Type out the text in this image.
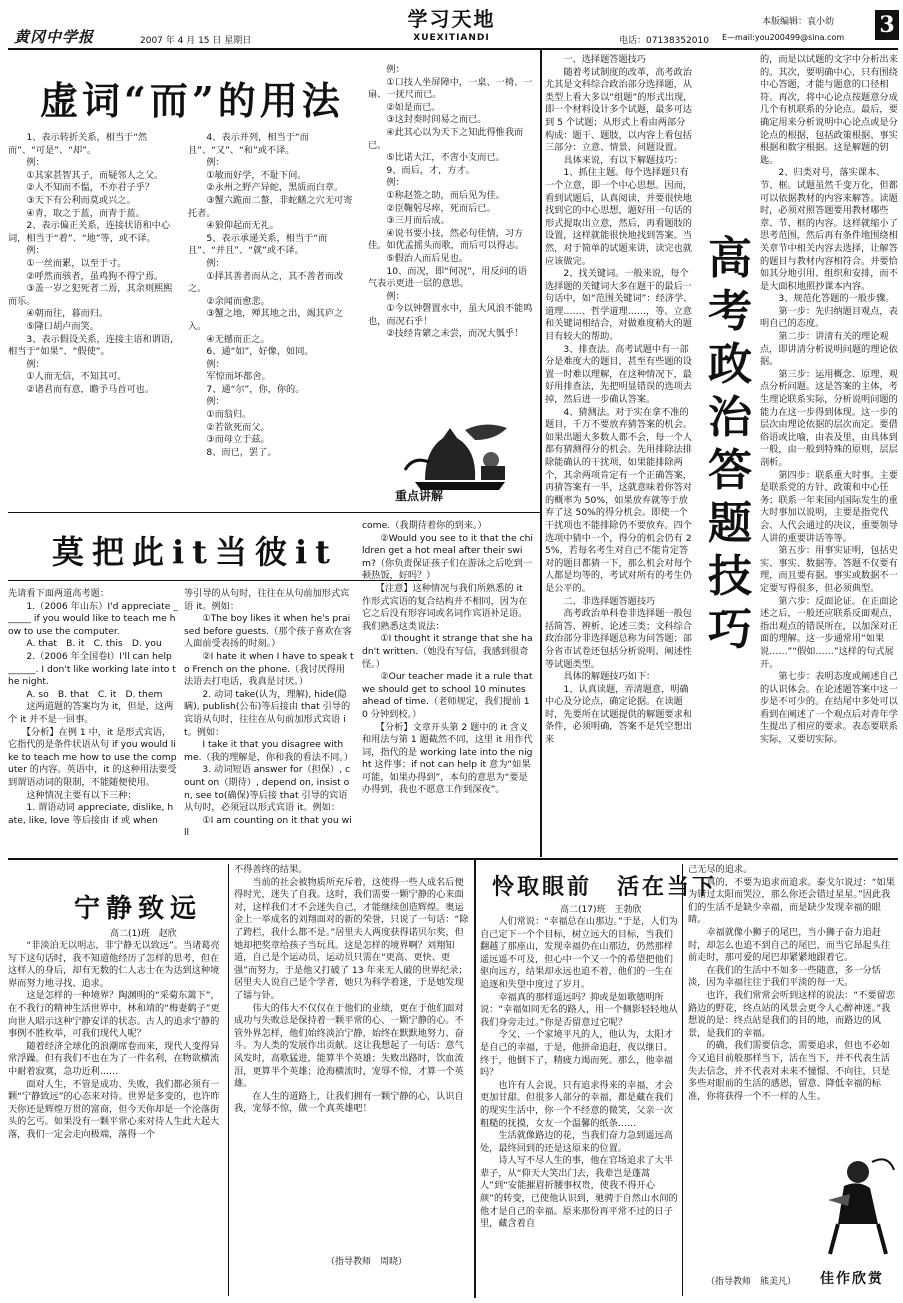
黄冈中学报	2007 年 4 月 15 日 星期日
学习天地
XUEXITIANDI
本版编辑：袁小幼
电话：07138352010 E—mail:you200499@sina.com 3
虚词“而”的用法
　　1、表示转折关系，相当于“然而”、“可是”、“却”。
　　例：
　　①其家甚智其子，而疑邻人之父。
　　②人不知而不愠，不亦君子乎？
　　③天下有公利而莫或兴之。
　　④青，取之于蓝，而青于蓝。
　　2、表示偏正关系，连接状语和中心词，相当于“着”、“地”等，或不译。
　　例：
　　①一丝而累，以至于寸。
　　②呼然而骇者，虽鸡狗不得宁焉。
　　③盖一岁之犯死者二焉，其余则熙熙而乐。
　　④朝而往，暮而归。
　　⑤隆口胡卢而笑。
　　3、表示假设关系，连接主语和谓语，相当于“如果”、“假使”。
　　例：
　　①人而无信，不知其可。
　　②诸君而有意，瞻予马首可也。
　　4、表示并列，相当于“而且”、“又”、“和”或不译。
　　例：
　　①敏而好学，不耻下问。
　　②永州之野产异蛇，黑质而白章。
　　③蟹六跪而二螯，非蛇鳝之穴无可寄托者。
　　④狼仰起而无礼。
　　5、表示承递关系，相当于“而且”、“并且”、“就”或不译。
　　例：
　　①择其善者而从之，其不善者而改之。
　　②余闻而愈悲。
　　③蟹之地，殚其地之出，竭其庐之入。
　　④无撼而正之。
　　6、通“如”，好像，如同。
　　例：
　　军惊而坏都舍。
　　7、通“尔”，你，你的。
　　例：
　　①而翁归。
　　②若欲死而父。
　　③而母立于兹。
　　8、而已，罢了。
　　例：
　　①口技人坐屏障中，一桌、一椅、一扇、一抚尺而已。
　　②如是而已。
　　③这封奏时间易之而已。
　　④此其心以为天下之知此得惟我而已。
　　⑤比诺大江，不啻小支而已。
　　9、而后，才，方才。
　　例：
　　①称赵签之助，而后见为佳。
　　②臣鞠躬尽瘁，死而后已。
　　③三月而后成。
　　④说书要小技，然必句佳情，习方佳。如优孟摇头而歌，而后可以得志。
　　⑤假治人而后见也。
　　10、而况，即“何况”，用反问的语气表示更进一层的意思。
　　例：
　　①今以钟磬置水中，虽大风浪不能鸣也，而况石乎！
　　②技经肯綮之未尝，而况大瓠乎！
重点讲解
莫把此it当彼it
先请看下面两道高考题：
　　1.（2006 年山东）I'd appreciate ______ if you would like to teach me how to use the computer.
　　A. that　B. it　C. this　D. you
　　2.（2006 年全国卷Ⅰ）I'll can help ______. I don't like working late into the night.
　　A. so　B. that　C. it　D. them
　　这两道题的答案均为 it，但是，这两个 it 并不是一回事。
　　【分析】在例 1 中，it 是形式宾语，它指代的是条件状语从句 if you would like to teach me how to use the computer 的内容。英语中，it 的这种用法要受到谓语动词的限制，不能随便使用。
　　这种情况主要有以下三种：
　　1. 谓语动词 appreciate, dislike, hate, like, love 等后接由 if 或 when
等引导的从句时，往往在从句前加形式宾语 it。例如：
　　①The boy likes it when he's praised before guests.（那个孩子喜欢在客人面前受表扬的时刻。）
　　②I hate it when I have to speak to French on the phone.（我讨厌得用法语去打电话，我真是讨厌。）
　　2. 动词 take(认为，理解), hide(隐瞒), publish(公布)等后接由 that 引导的宾语从句时，往往在从句前加形式宾语 it。例如：
　　I take it that you disagree with me.（我的理解是，你和我的看法不同。）
　　3. 动词短语 answer for（担保）, count on（期待）, depend on, insist on, see to(确保)等后接 that 引导的宾语从句时，必须冠以形式宾语 it。例如：
　　①I am counting on it that you will
come.（我期待着你的到来。）
　　②Would you see to it that the children get a hot meal after their swim?（你负责保证孩子们在游泳之后吃到一顿热饭，好吗？）
　　【注意】这种情况与我们所熟悉的 it 作形式宾语的复合结构并不相同，因为在它之后没有形容词或名词作宾语补足语。我们熟悉这类说法：
　　①I thought it strange that she hadn't written.（她没有写信，我感到很奇怪。）
　　②Our teacher made it a rule that we should get to school 10 minutes ahead of time.（老师规定，我们提前 10 分钟到校。）
　　【分析】文章开头第 2 题中的 it 含义和用法与第 1 题截然不同，这里 it 用作代词，指代的是 working late into the night 这件事；if not can help it 意为“如果可能，如果办得到”，本句的意思为“要是办得到，我也不愿意工作到深夜”。
　　一、选择题答题技巧
　　随着考试制度的改革，高考政治尤其是文科综合政治部分选择题，从类型上看大多以“组题”的形式出现，即一个材料设计多个试题，最多可达到 5 个试题；从形式上看由两部分构成：题干、题肢，以内容上看包括三部分：立意、情景、问题设置。
　　具体来说，有以下解题技巧：
　　1、抓住主题。每个选择题只有一个立意，即一个中心思想。因而，看到试题后，认真阅读，并要很快地找到它的中心思想，题好用一句话的形式提取出立意，然后，再看题肢的设置，这样就能很快地找到答案。当然，对于简单的试题来讲，读完也就应该做完。
　　2、找关键词。一般来说，每个选择题的关键词大多在题干的最后一句话中，如“范围关键词”：经济学、道理……、哲学道理……，等。立意和关键词相结合，对做难度稍大的题目有较大的帮助。
　　3、排查法。高考试题中有一部分是难度大的题目，甚至有些题的设置一时难以理解，在这种情况下，最好用排查法，先把明显错误的选项去掉，然后进一步确认答案。
　　4、猜测法。对于实在拿不准的题目，千万不要放弃猜答案的机会。如果出题大多数人都不会，每一个人都有猜测得分的机会。先用排除法排除能确认的干扰项，如果能排除两个，其余两项肯定有一个正确答案，再猜答案有一半，这就意味着你答对的概率为 50%，如果放弃就等于放弃了这 50%的得分机会。即使一个干扰项也不能排除仍不要放弃。四个选项中猜中一个，得分的机会仍有 25%，若每名考生对自己不能肯定答对的题目都猜一下，那么机会对每个人都是均等的，考试对所有的考生仍是公平的。
　　二、非选择题答题技巧
　　高考政治单科卷非选择题一般包括简答、辨析、论述三类；文科综合政治部分非选择题总称为问答题；部分省市试卷还包括分析说明、阐述性等试题类型。
　　具体的解题技巧如下：
　　1、认真读题，弄清题意，明确中心及分论点，确定论据。在读题时，先要所在试题提供的解题要求和条件，必须明确，答案不是凭空想出来
高考政治答题技巧
的，而是以试题的文字中分析出来的。其次，要明确中心，只有围绕中心答题，才能与题意的口径相符。再次，将中心论点按题意分成几个有机联系的分论点。最后，要确定用来分析说明中心论点或是分论点的根据，包括政策根据、事实根据和数字根据。这是解题的钥匙。
　　2、归类对号，落实课本、节、框。试题虽然千变万化，但都可以依据教材的内容来解答。读题时，必须对照答题要用教材哪些章、节、框的内容。这样就缩小了思考范围，然后再有条件地围绕相关章节中相关内容去选择，让解答的题目与教材内容相符合。并要恰如其分地引用、组织和安排，而不是大面积地照抄课本内容。
　　3、规范化答题的一般步骤。
　　第一步：先归纳题目观点，表明自己的态度。
　　第二步：讲清有关的理论观点，即讲清分析说明问题的理论依据。
　　第三步：运用概念、原理、观点分析问题。这是答案的主体，考生理论联系实际，分析说明问题的能力在这一步得到体现。这一步的层次由理论依据的层次而定。要借俗语或比喻，由表及里，由具体到一般，由一般到特殊的原则，层层剖析。
　　第四步：联系重大时事。主要是联系党的方针、政策和中心任务；联系一年来国内国际发生的重大时事加以说明，主要是指党代会、人代会通过的决议，重要领导人讲的重要讲话等等。
　　第五步：用事实证明，包括史实、事实、数据等。答题不仅要有理，而且要有据。事实或数据不一定要写得很多，但必须典型。
　　第六步：反面论证。在正面论述之后，一般还应联系反面观点，指出观点的错误所在，以加深对正面的理解。这一步通常用“如果说……”“假如……”这样的句式展开。
　　第七步：表明态度或阐述自己的认识体会。在论述题答案中这一步是不可少的。在结尾中多处可以看到在阐述了一个观点后对青年学生提出了相应的要求。表态要联系实际，又要切实际。
宁静致远
高二(1)班　赵欣
　　“非淡泊无以明志，非宁静无以致远”。当诸葛亮写下这句话时，我不知道他经历了怎样的思考，但在这样人的身后，却有无数的仁人志士在为达到这种境界而努力地寻找、追求。
　　这是怎样的一种境界？陶渊明的“采菊东篱下”，在不我行的精神生活世界中，林和靖的“梅妻鹤子”更向世人昭示这种宁静安详的状态。古人的追求宁静的事例不胜枚举，可我们现代人呢？
　　随着经济全球化的浪潮席卷而来，现代人变得异常浮躁。但有我们不也在为了一件名利，在物欲横流中耐着寂寞，急功近利……
　　面对人生，不管是成功、失败，我们都必须有一颗“宁静致远”的心态来对待。世界是多变的，也许昨天你还是辉煌万贯的富商，但今天你却是一个沦落街头的乞丐。如果没有一颗平常心来对待人生此大起大落，我们一定会走向极端，落得一个
不得善终的结果。
　　当前的社会被物质所充斥着，这使得一些人成名后便得时光，迷失了自我。这时，我们需要一颗宁静的心来面对，这样我们才不会迷失自己，才能继续创造辉煌。奥运金上一举成名的刘翔面对的新的荣誉，只说了一句话：“除了跨栏，我什么都不是。”居里夫人两度获得诺贝尔奖，但她却把奖章给孩子当玩具。这是怎样的境界啊？刘翔知道，自己是个运动员，运动员只需在“更高、更快、更强”而努力，于是他又打破了 13 年来无人破的世界纪录；居里夫人说自己是个学者，她只为科学着迷，于是她发现了镭与钋。
　　伟大的伟大不仅仅在于他们的业绩，更在于他们面对成功与失败总是保持着一颗平常的心、一颗宁静的心。不管外界怎样，他们始终淡泊宁静，始终在默默地努力、奋斗。为人类的发展作出贡献。这让我想起了一句话：意气风发时，高歌猛进，能算半个英雄；失败出路时，饮血流泪，更算半个英雄；沧海横流时，宠辱不惊，才算一个英雄。
　　在人生的道路上，让我们拥有一颗宁静的心，认识自我，宠辱不惊，做一个真英雄吧！
（指导教师　周晓）
怜取眼前　活在当下
高二(17)班　王勃欣
　　人们常说：“幸福总在山那边。”于是，人们为自己定下一个个目标，树立远大的目标，当我们翻越了那座山，发现幸福仍在山那边，仍然那样遥远遥不可及，但心中一个又一个的希望把他们驱向远方，结果却永远也追不着，他们的一生在追逐和失望中度过了岁月。
　　幸福真的那样遥远吗？抑或是如歌德明所说：“幸福如同无名的路人，用一个侧影轻轻地从我们身旁走过。”你是否留意过它呢？
　　令父、一个家境平凡的人，他认为，太阳才是自己的幸福，于是，他拼命追赶，夜以继日。终于，他倒下了，精疲力竭而死。那么，他幸福吗？
　　也许有人会说，只有追求得来的幸福，才会更加甘甜。但很多人部分的幸福，都是藏在我们的现实生活中，你一个不经意的微笑，父亲一次粗糙的抚摸，女友一个温馨的纸条……
　　生活就像路边的花，当我们奋力急到遥远高处，最终回到的还是这原来的位置。
　　诗人写不尽人生的事，他在官场追求了大半辈子，从“仰天大笑出门去，我辈岂是蓬蒿人”到“安能摧眉折腰事权贵，使我不得开心颜”的转变，已使他认识到，驰骋于自然山水间的他才是自己的幸福。原来那份再平常不过的日子里，藏含着自
己无尽的追求。
　　真的，不要为追求而追求。泰戈尔说过：“如果为错过太阳而哭泣，那么你还会错过星星。”因此我们的生活不是缺少幸福，而是缺少发现幸福的眼睛。
　　幸福就像小狮子的尾巴，当小狮子奋力追赶时，却怎么也追不到自己的尾巴，而当它昂起头往前走时，那可爱的尾巴却紧紧地跟着它。
　　在我们的生活中不如多一些随意，多一分恬淡，因为幸福往往于我们平淡的每一天。
　　也许，我们常常会听到这样的说法：“不要留恋路边的野花，终点站的风景会更令人心醉神迷。”我想说的是：终点站是我们的目的地，而路边的风景，是我们的幸福。
　　的确，我们需要信念，需要追求，但也不必如今又追目前般那样当下，活在当下，并不代表生活失去信念，并不代表对未来不憧憬、不向往，只是多些对眼前的生活的感恩，留意、降低幸福的标准，你将获得一个不一样的人生。
（指导教师　熊美凡） 佳作欣赏
